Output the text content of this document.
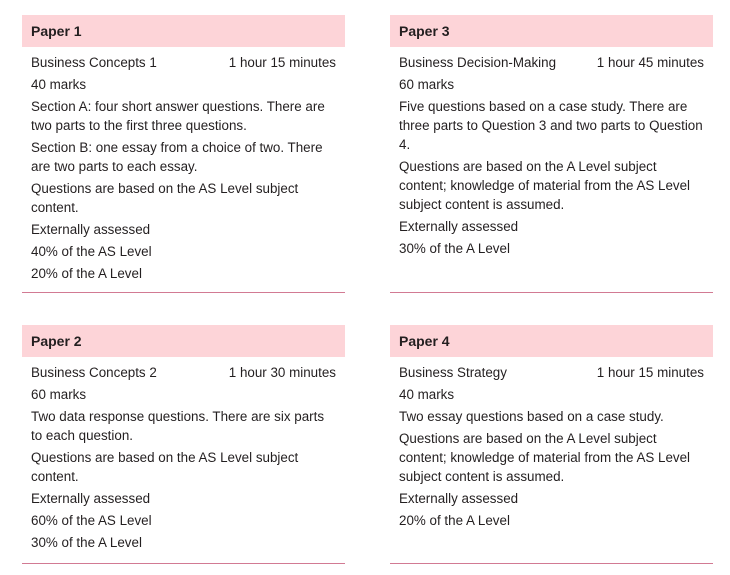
Paper 1
Business Concepts 1	1 hour 15 minutes
40 marks
Section A: four short answer questions. There are two parts to the first three questions.
Section B: one essay from a choice of two. There are two parts to each essay.
Questions are based on the AS Level subject content.
Externally assessed
40% of the AS Level
20% of the A Level
Paper 3
Business Decision-Making	1 hour 45 minutes
60 marks
Five questions based on a case study. There are three parts to Question 3 and two parts to Question 4.
Questions are based on the A Level subject content; knowledge of material from the AS Level subject content is assumed.
Externally assessed
30% of the A Level
Paper 2
Business Concepts 2	1 hour 30 minutes
60 marks
Two data response questions. There are six parts to each question.
Questions are based on the AS Level subject content.
Externally assessed
60% of the AS Level
30% of the A Level
Paper 4
Business Strategy	1 hour 15 minutes
40 marks
Two essay questions based on a case study.
Questions are based on the A Level subject content; knowledge of material from the AS Level subject content is assumed.
Externally assessed
20% of the A Level
